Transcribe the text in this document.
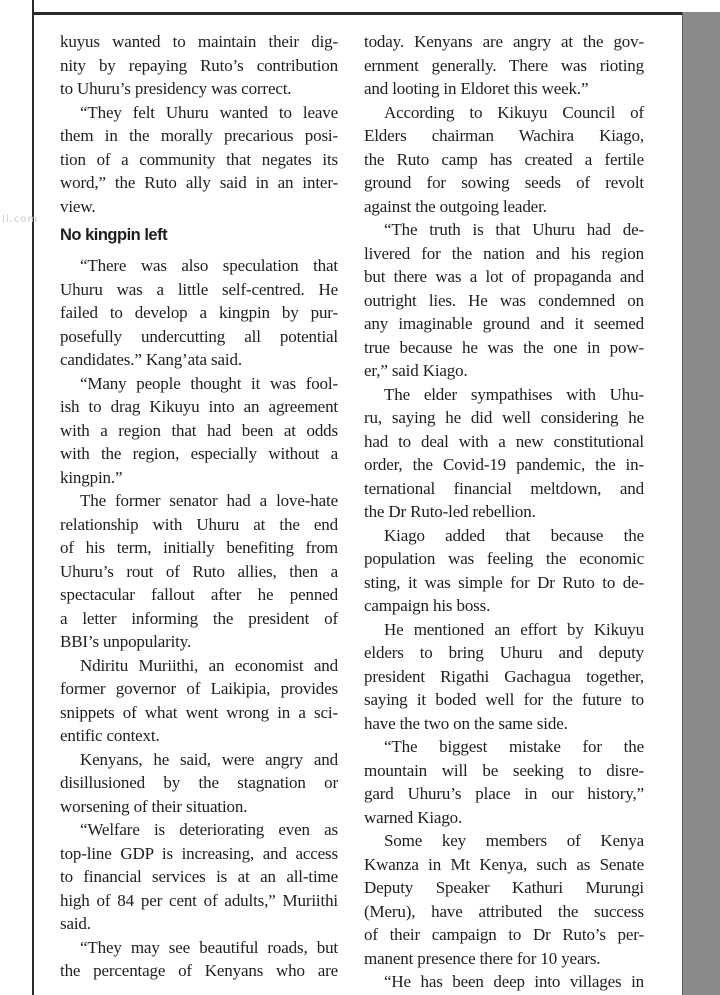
ll.com
kuyus wanted to maintain their dig-
nity by repaying Ruto’s contribution
to Uhuru’s presidency was correct.
“They felt Uhuru wanted to leave
them in the morally precarious posi-
tion of a community that negates its
word,” the Ruto ally said in an inter-
view.
No kingpin left
“There was also speculation that
Uhuru was a little self-centred. He
failed to develop a kingpin by pur-
posefully undercutting all potential
candidates.” Kang’ata said.
“Many people thought it was fool-
ish to drag Kikuyu into an agreement
with a region that had been at odds
with the region, especially without a
kingpin.”
The former senator had a love-hate
relationship with Uhuru at the end
of his term, initially benefiting from
Uhuru’s rout of Ruto allies, then a
spectacular fallout after he penned
a letter informing the president of
BBI’s unpopularity.
Ndiritu Muriithi, an economist and
former governor of Laikipia, provides
snippets of what went wrong in a sci-
entific context.
Kenyans, he said, were angry and
disillusioned by the stagnation or
worsening of their situation.
“Welfare is deteriorating even as
top-line GDP is increasing, and access
to financial services is at an all-time
high of 84 per cent of adults,” Muriithi
said.
“They may see beautiful roads, but
the percentage of Kenyans who are
today. Kenyans are angry at the gov-
ernment generally. There was rioting
and looting in Eldoret this week.”
According to Kikuyu Council of
Elders chairman Wachira Kiago,
the Ruto camp has created a fertile
ground for sowing seeds of revolt
against the outgoing leader.
“The truth is that Uhuru had de-
livered for the nation and his region
but there was a lot of propaganda and
outright lies. He was condemned on
any imaginable ground and it seemed
true because he was the one in pow-
er,” said Kiago.
The elder sympathises with Uhu-
ru, saying he did well considering he
had to deal with a new constitutional
order, the Covid-19 pandemic, the in-
ternational financial meltdown, and
the Dr Ruto-led rebellion.
Kiago added that because the
population was feeling the economic
sting, it was simple for Dr Ruto to de-
campaign his boss.
He mentioned an effort by Kikuyu
elders to bring Uhuru and deputy
president Rigathi Gachagua together,
saying it boded well for the future to
have the two on the same side.
“The biggest mistake for the
mountain will be seeking to disre-
gard Uhuru’s place in our history,”
warned Kiago.
Some key members of Kenya
Kwanza in Mt Kenya, such as Senate
Deputy Speaker Kathuri Murungi
(Meru), have attributed the success
of their campaign to Dr Ruto’s per-
manent presence there for 10 years.
“He has been deep into villages in
